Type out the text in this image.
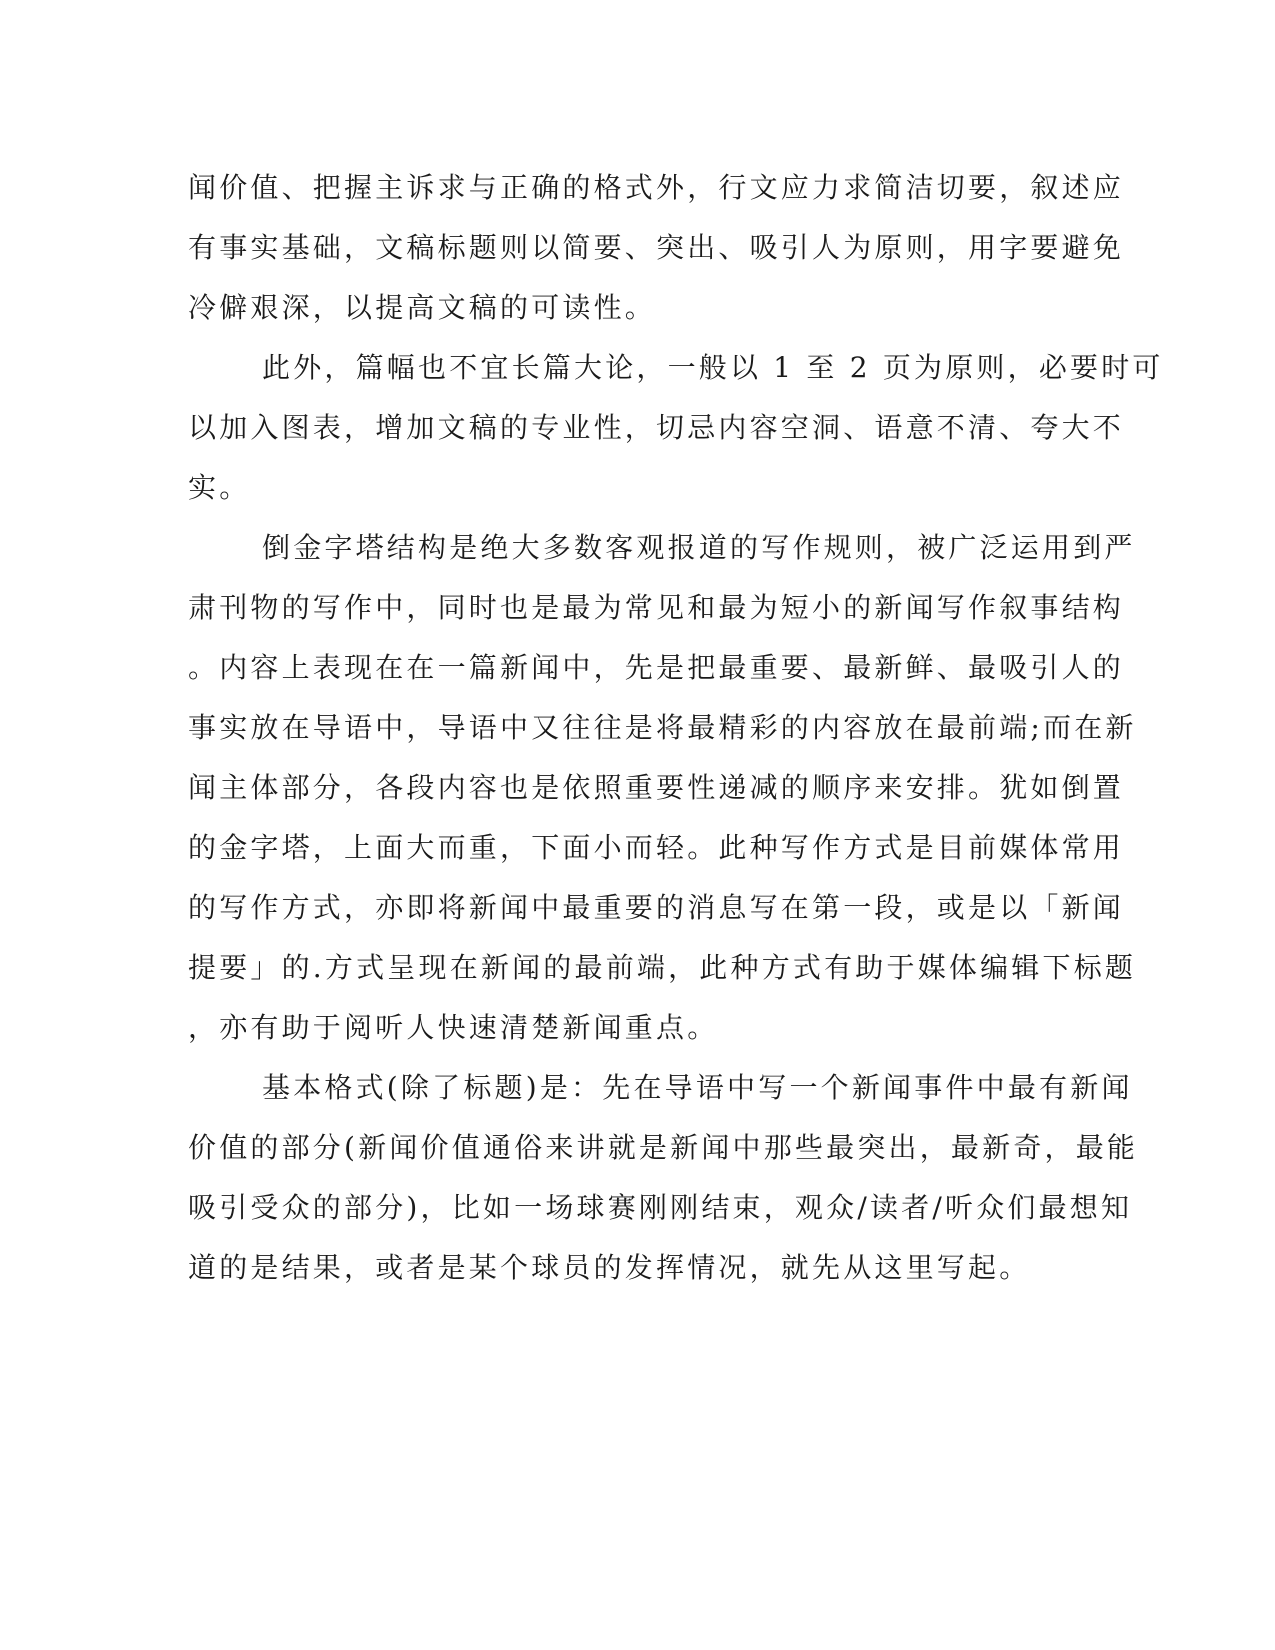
闻价值、把握主诉求与正确的格式外，行文应力求简洁切要，叙述应
有事实基础，文稿标题则以简要、突出、吸引人为原则，用字要避免
冷僻艰深，以提高文稿的可读性。
此外，篇幅也不宜长篇大论，一般以 1 至 2 页为原则，必要时可
以加入图表，增加文稿的专业性，切忌内容空洞、语意不清、夸大不
实。
倒金字塔结构是绝大多数客观报道的写作规则，被广泛运用到严
肃刊物的写作中，同时也是最为常见和最为短小的新闻写作叙事结构
。内容上表现在在一篇新闻中，先是把最重要、最新鲜、最吸引人的
事实放在导语中，导语中又往往是将最精彩的内容放在最前端;而在新
闻主体部分，各段内容也是依照重要性递减的顺序来安排。犹如倒置
的金字塔，上面大而重，下面小而轻。此种写作方式是目前媒体常用
的写作方式，亦即将新闻中最重要的消息写在第一段，或是以「新闻
提要」的.方式呈现在新闻的最前端，此种方式有助于媒体编辑下标题
，亦有助于阅听人快速清楚新闻重点。
基本格式(除了标题)是：先在导语中写一个新闻事件中最有新闻
价值的部分(新闻价值通俗来讲就是新闻中那些最突出，最新奇，最能
吸引受众的部分)，比如一场球赛刚刚结束，观众/读者/听众们最想知
道的是结果，或者是某个球员的发挥情况，就先从这里写起。
